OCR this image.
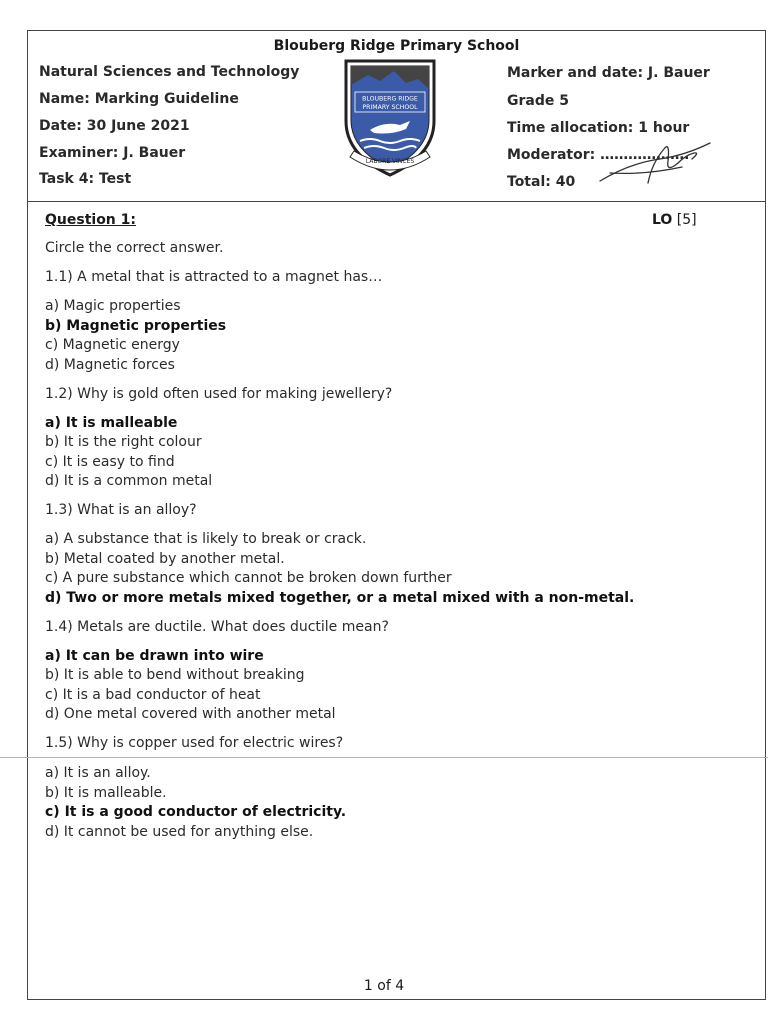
Blouberg Ridge Primary School
Natural Sciences and Technology
Name: Marking Guideline
Date: 30 June 2021
Examiner: J. Bauer
Task 4: Test
Marker and date: J. Bauer
Grade 5
Time allocation: 1 hour
Moderator: ……………….
Total: 40
BLOUBERG RIDGE
PRIMARY SCHOOL
LABORE VINCES
Question 1:	LO [5]
Circle the correct answer.
1.1) A metal that is attracted to a magnet has…
a) Magic properties
b) Magnetic properties
c) Magnetic energy
d) Magnetic forces
1.2) Why is gold often used for making jewellery?
a) It is malleable
b) It is the right colour
c) It is easy to find
d) It is a common metal
1.3) What is an alloy?
a) A substance that is likely to break or crack.
b) Metal coated by another metal.
c) A pure substance which cannot be broken down further
d) Two or more metals mixed together, or a metal mixed with a non-metal.
1.4) Metals are ductile. What does ductile mean?
a) It can be drawn into wire
b) It is able to bend without breaking
c) It is a bad conductor of heat
d) One metal covered with another metal
1.5) Why is copper used for electric wires?
a) It is an alloy.
b) It is malleable.
c) It is a good conductor of electricity.
d) It cannot be used for anything else.
1 of 4
